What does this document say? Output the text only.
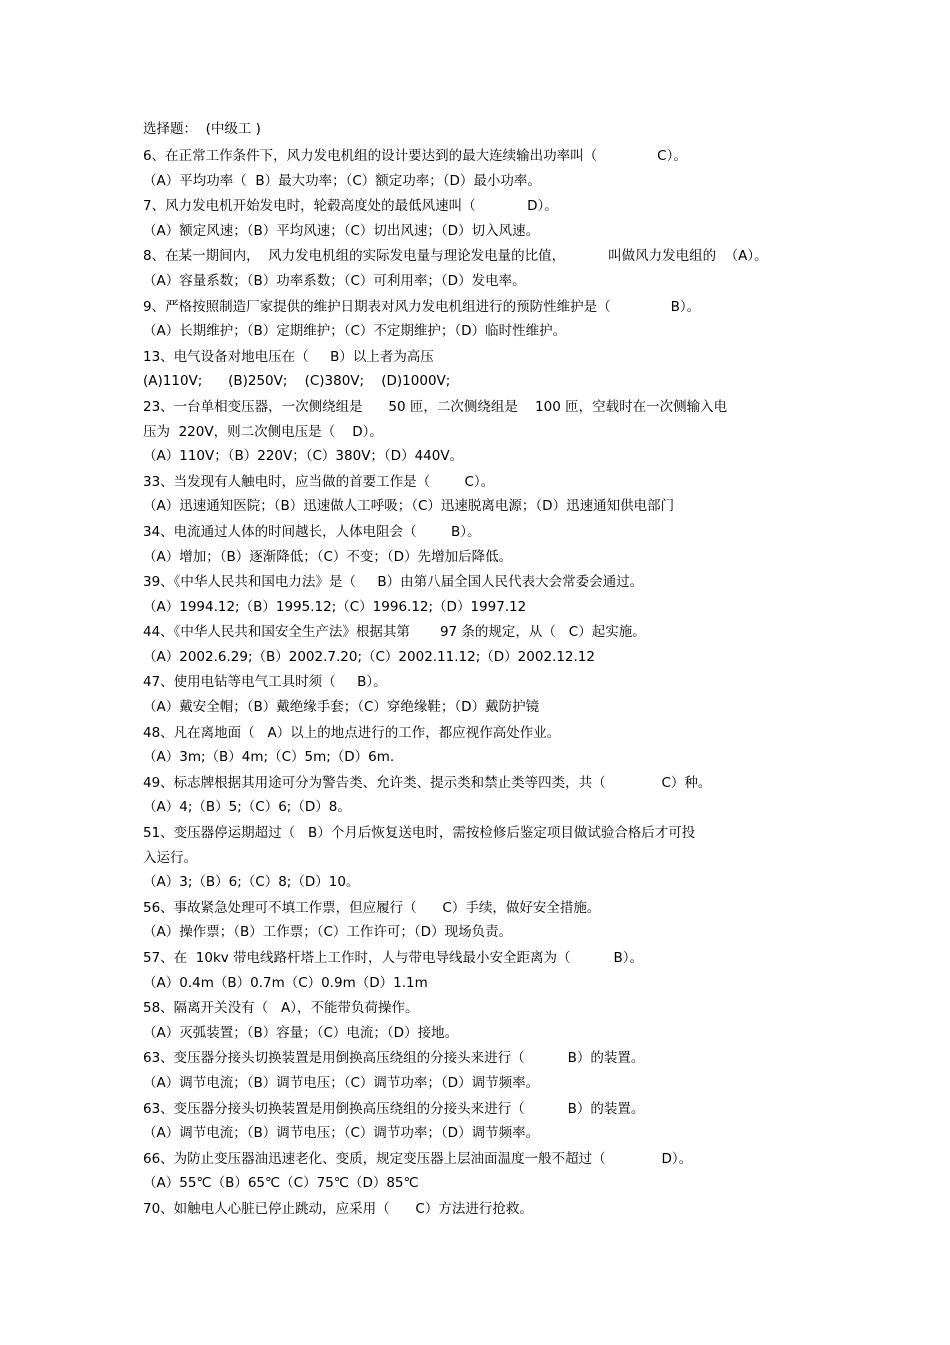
选择题：  (中级工 )
6、在正常工作条件下，风力发电机组的设计要达到的最大连续输出功率叫（              C）。
（A）平均功率（  B）最大功率；（C）额定功率；（D）最小功率。
7、风力发电机开始发电时，轮毂高度处的最低风速叫（            D）。
（A）额定风速；（B）平均风速；（C）切出风速；（D）切入风速。
8、在某一期间内，  风力发电机组的实际发电量与理论发电量的比值，          叫做风力发电组的  （A）。
（A）容量系数；（B）功率系数；（C）可利用率；（D）发电率。
9、严格按照制造厂家提供的维护日期表对风力发电机组进行的预防性维护是（              B）。
（A）长期维护；（B）定期维护；（C）不定期维护；（D）临时性维护。
13、电气设备对地电压在（     B）以上者为高压
(A)110V;      (B)250V;    (C)380V;    (D)1000V;
23、一台单相变压器，一次侧绕组是      50 匝，二次侧绕组是    100 匝，空载时在一次侧输入电
压为  220V，则二次侧电压是（    D）。
（A）110V；（B）220V；（C）380V；（D）440V。
33、当发现有人触电时，应当做的首要工作是（        C）。
（A）迅速通知医院；（B）迅速做人工呼吸；（C）迅速脱离电源；（D）迅速通知供电部门
34、电流通过人体的时间越长，人体电阻会（        B）。
（A）增加；（B）逐渐降低；（C）不变；（D）先增加后降低。
39、《中华人民共和国电力法》是（     B）由第八届全国人民代表大会常委会通过。
（A）1994.12;（B）1995.12;（C）1996.12;（D）1997.12
44、《中华人民共和国安全生产法》根据其第       97 条的规定，从（   C）起实施。
（A）2002.6.29;（B）2002.7.20;（C）2002.11.12;（D）2002.12.12
47、使用电钻等电气工具时须（     B）。
（A）戴安全帽；（B）戴绝缘手套；（C）穿绝缘鞋；（D）戴防护镜
48、凡在离地面（   A）以上的地点进行的工作，都应视作高处作业。
（A）3m;（B）4m;（C）5m;（D）6m.
49、标志牌根据其用途可分为警告类、允许类、提示类和禁止类等四类，共（             C）种。
（A）4;（B）5;（C）6;（D）8。
51、变压器停运期超过（   B）个月后恢复送电时，需按检修后鉴定项目做试验合格后才可投
入运行。
（A）3;（B）6;（C）8;（D）10。
56、事故紧急处理可不填工作票，但应履行（      C）手续，做好安全措施。
（A）操作票；（B）工作票；（C）工作许可；（D）现场负责。
57、在  10kv 带电线路杆塔上工作时，人与带电导线最小安全距离为（          B）。
（A）0.4m（B）0.7m（C）0.9m（D）1.1m
58、隔离开关没有（   A），不能带负荷操作。
（A）灭弧装置；（B）容量；（C）电流；（D）接地。
63、变压器分接头切换装置是用倒换高压绕组的分接头来进行（          B）的装置。
（A）调节电流；（B）调节电压；（C）调节功率；（D）调节频率。
63、变压器分接头切换装置是用倒换高压绕组的分接头来进行（          B）的装置。
（A）调节电流；（B）调节电压；（C）调节功率；（D）调节频率。
66、为防止变压器油迅速老化、变质，规定变压器上层油面温度一般不超过（             D）。
（A）55℃（B）65℃（C）75℃（D）85℃
70、如触电人心脏已停止跳动，应采用（      C）方法进行抢救。
